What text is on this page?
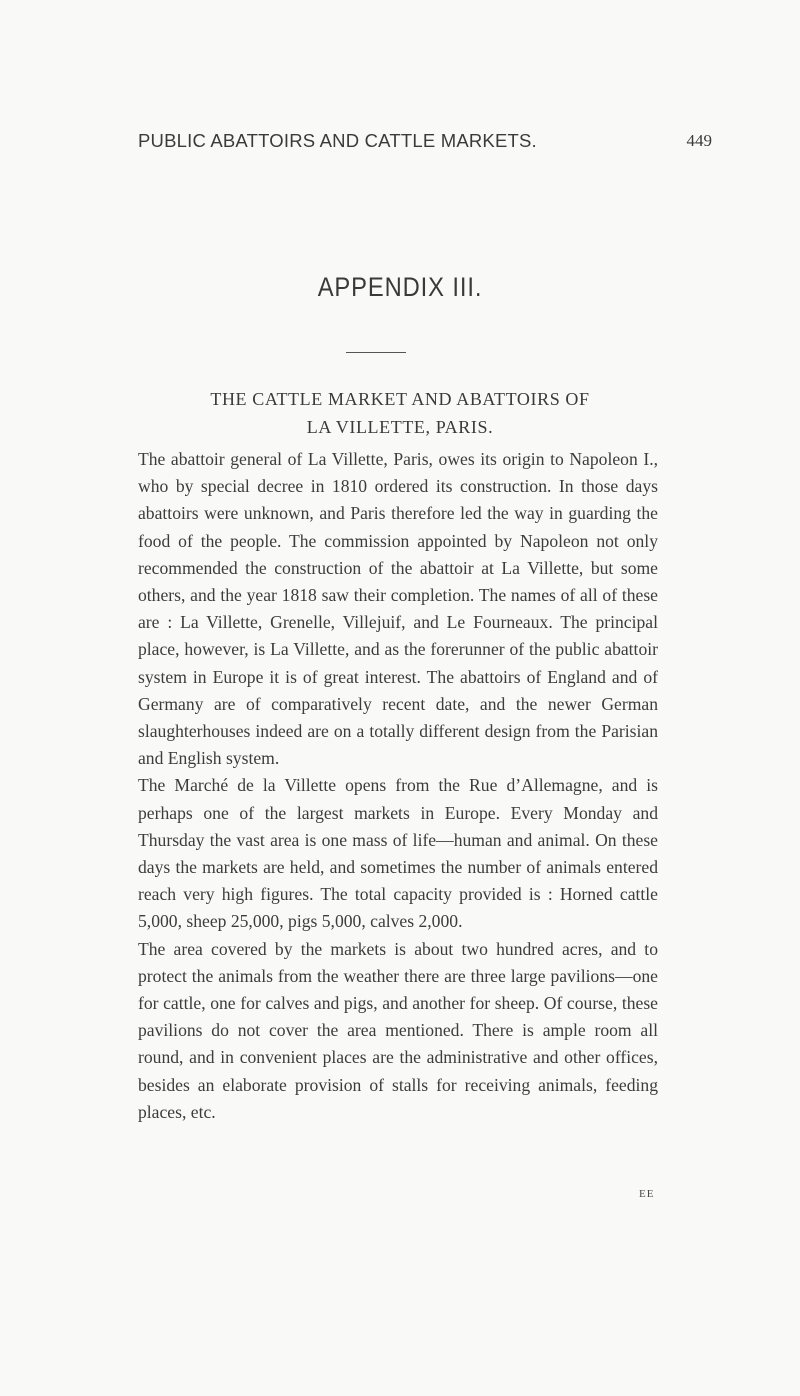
PUBLIC ABATTOIRS AND CATTLE MARKETS.	449
APPENDIX III.
THE CATTLE MARKET AND ABATTOIRS OF
LA VILLETTE, PARIS.

The abattoir general of La Villette, Paris, owes its origin to Napoleon I., who by special decree in 1810 ordered its construction. In those days abattoirs were unknown, and Paris therefore led the way in guarding the food of the people. The commission appointed by Napoleon not only recommended the construction of the abattoir at La Villette, but some others, and the year 1818 saw their completion. The names of all of these are : La Villette, Grenelle, Villejuif, and Le Fourneaux. The principal place, however, is La Villette, and as the forerunner of the public abattoir system in Europe it is of great interest. The abattoirs of England and of Germany are of comparatively recent date, and the newer German slaughterhouses indeed are on a totally different design from the Parisian and English system.

The Marché de la Villette opens from the Rue d’Allemagne, and is perhaps one of the largest markets in Europe. Every Monday and Thursday the vast area is one mass of life—human and animal. On these days the markets are held, and sometimes the number of animals entered reach very high figures. The total capacity provided is : Horned cattle 5,000, sheep 25,000, pigs 5,000, calves 2,000.

The area covered by the markets is about two hundred acres, and to protect the animals from the weather there are three large pavilions—one for cattle, one for calves and pigs, and another for sheep. Of course, these pavilions do not cover the area mentioned. There is ample room all round, and in convenient places are the administrative and other offices, besides an elaborate provision of stalls for receiving animals, feeding places, etc.

EE
